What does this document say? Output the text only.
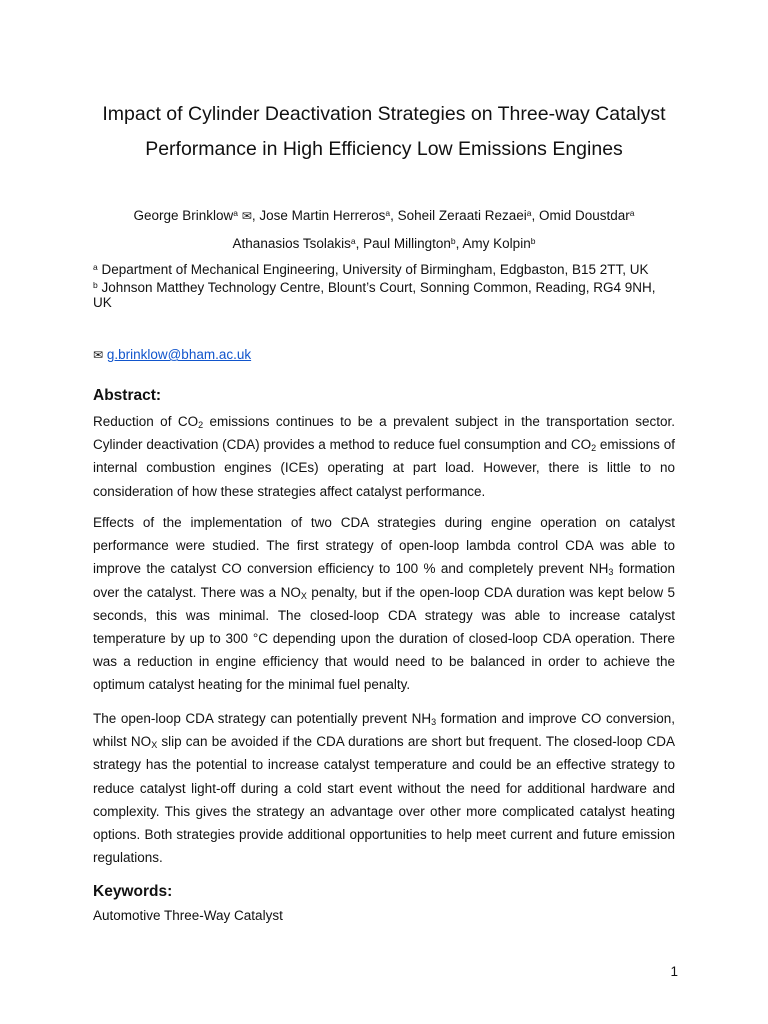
Impact of Cylinder Deactivation Strategies on Three-way Catalyst Performance in High Efficiency Low Emissions Engines
George Brinklow$^a$ ✉, Jose Martin Herreros$^a$, Soheil Zeraati Rezaei$^a$, Omid Doustdar$^a$
Athanasios Tsolakis$^a$, Paul Millington$^b$, Amy Kolpin$^b$

$^a$ Department of Mechanical Engineering, University of Birmingham, Edgbaston, B15 2TT, UK

$^b$ Johnson Matthey Technology Centre, Blount’s Court, Sonning Common, Reading, RG4 9NH, UK

✉ g.brinklow@bham.ac.uk
Abstract:

Reduction of $CO_2$ emissions continues to be a prevalent subject in the transportation sector. Cylinder deactivation (CDA) provides a method to reduce fuel consumption and $CO_2$ emissions of internal combustion engines (ICEs) operating at part load. However, there is little to no consideration of how these strategies affect catalyst performance.

Effects of the implementation of two CDA strategies during engine operation on catalyst performance were studied. The first strategy of open-loop lambda control CDA was able to improve the catalyst CO conversion efficiency to 100 % and completely prevent $NH_3$ formation over the catalyst. There was a $NO_X$ penalty, but if the open-loop CDA duration was kept below 5 seconds, this was minimal. The closed-loop CDA strategy was able to increase catalyst temperature by up to 300 °C depending upon the duration of closed-loop CDA operation. There was a reduction in engine efficiency that would need to be balanced in order to achieve the optimum catalyst heating for the minimal fuel penalty.

The open-loop CDA strategy can potentially prevent $NH_3$ formation and improve CO conversion, whilst $NO_X$ slip can be avoided if the CDA durations are short but frequent. The closed-loop CDA strategy has the potential to increase catalyst temperature and could be an effective strategy to reduce catalyst light-off during a cold start event without the need for additional hardware and complexity. This gives the strategy an advantage over other more complicated catalyst heating options. Both strategies provide additional opportunities to help meet current and future emission regulations.

Keywords:

Automotive Three-Way Catalyst

1
